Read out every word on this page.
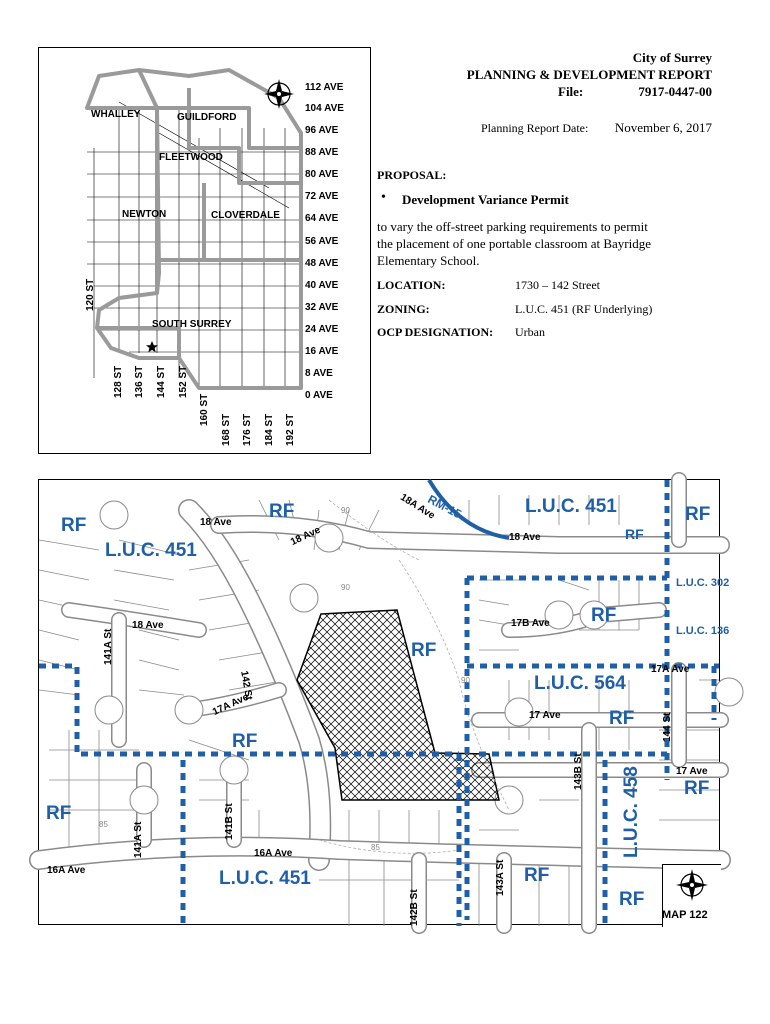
WHALLEY	GUILDFORD
FLEETWOOD
NEWTON	CLOVERDALE
SOUTH SURREY
112 AVE
104 AVE
96 AVE
88 AVE
80 AVE
72 AVE
64 AVE
56 AVE
48 AVE
40 AVE
32 AVE
24 AVE
16 AVE
8 AVE
0 AVE
120 ST
128 ST 136 ST 144 ST 152 ST
160 ST
168 ST 176 ST 184 ST 192 ST
City of Surrey
PLANNING & DEVELOPMENT REPORT
File:	7917-0447-00
Planning Report Date: November 6, 2017
PROPOSAL:
• Development Variance Permit
to vary the off-street parking requirements to permit
the placement of one portable classroom at Bayridge
Elementary School.
LOCATION:	1730 – 142 Street
ZONING:	L.U.C. 451 (RF Underlying)
OCP DESIGNATION: Urban
RF
L.U.C. 451
RF	RM-15	L.U.C. 451	RF
RF
L.U.C. 302
L.U.C. 136
RF
RF
L.U.C. 564
RF
RF
RF
RF
L.U.C. 458
RF
L.U.C. 451
RF
18 Ave
18 Ave
18A Ave
18 Ave
18 Ave
142 St
141A St
17A Ave
17B Ave
17A Ave
17 Ave
17 Ave
144 St
143B St
141A St	141B St
16A Ave
16A Ave
142B St
143A St
90
90
90
85
85
MAP 122
